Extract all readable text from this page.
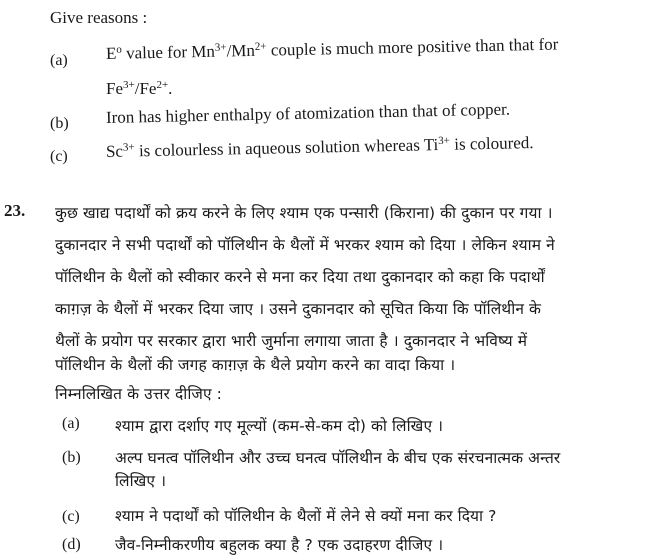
Give reasons :
(a) $E^o$ value for $Mn^{3+}/Mn^{2+}$ couple is much more positive than that for
$Fe^{3+}/Fe^{2+}$.
(b) Iron has higher enthalpy of atomization than that of copper.
(c) $Sc^{3+}$ is colourless in aqueous solution whereas $Ti^{3+}$ is coloured.
23. कुछ खाद्य पदार्थों को क्रय करने के लिए श्याम एक पन्सारी (किराना) की दुकान पर गया ।
दुकानदार ने सभी पदार्थों को पॉलिथीन के थैलों में भरकर श्याम को दिया । लेकिन श्याम ने
पॉलिथीन के थैलों को स्वीकार करने से मना कर दिया तथा दुकानदार को कहा कि पदार्थों
काग़ज़ के थैलों में भरकर दिया जाए । उसने दुकानदार को सूचित किया कि पॉलिथीन के
थैलों के प्रयोग पर सरकार द्वारा भारी जुर्माना लगाया जाता है । दुकानदार ने भविष्य में
पॉलिथीन के थैलों की जगह काग़ज़ के थैले प्रयोग करने का वादा किया ।
निम्नलिखित के उत्तर दीजिए :
(a) श्याम द्वारा दर्शाए गए मूल्यों (कम-से-कम दो) को लिखिए ।
(b) अल्प घनत्व पॉलिथीन और उच्च घनत्व पॉलिथीन के बीच एक संरचनात्मक अन्तर
लिखिए ।
(c) श्याम ने पदार्थों को पॉलिथीन के थैलों में लेने से क्यों मना कर दिया ?
(d) जैव-निम्नीकरणीय बहुलक क्या है ? एक उदाहरण दीजिए ।
